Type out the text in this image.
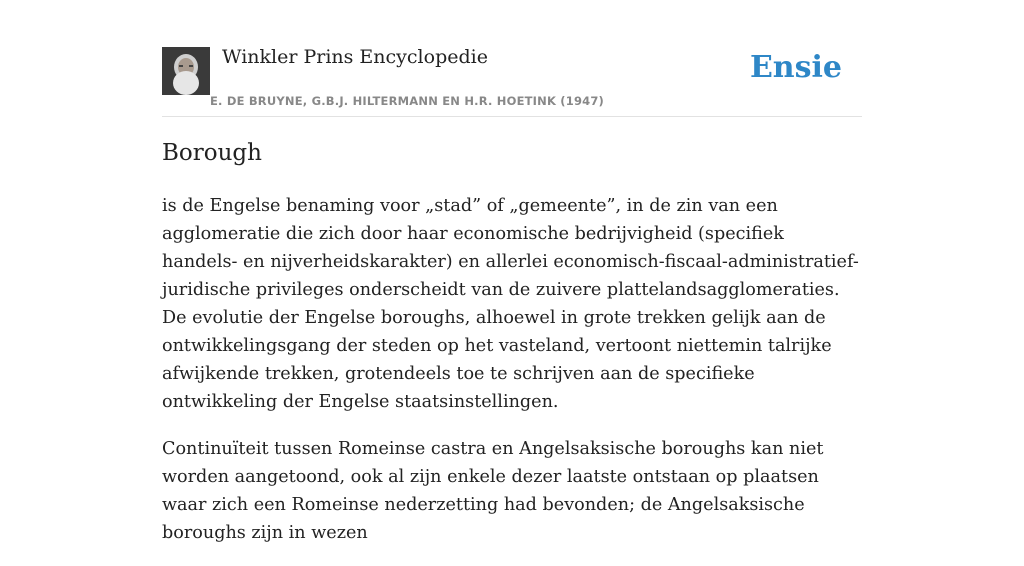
Winkler Prins Encyclopedie
E. DE BRUYNE, G.B.J. HILTERMANN EN H.R. HOETINK (1947)
Ensie
Borough

is de Engelse benaming voor „stad” of „gemeente”, in de zin van een agglomeratie die zich door haar economische bedrijvigheid (specifiek handels- en nijverheidskarakter) en allerlei economisch-fiscaal-administratief-juridische privileges onderscheidt van de zuivere plattelandsagglomeraties. De evolutie der Engelse boroughs, alhoewel in grote trekken gelijk aan de ontwikkelingsgang der steden op het vasteland, vertoont niettemin talrijke afwijkende trekken, grotendeels toe te schrijven aan de specifieke ontwikkeling der Engelse staatsinstellingen.

Continuïteit tussen Romeinse castra en Angelsaksische boroughs kan niet worden aangetoond, ook al zijn enkele dezer laatste ontstaan op plaatsen waar zich een Romeinse nederzetting had bevonden; de Angelsaksische boroughs zijn in wezen
